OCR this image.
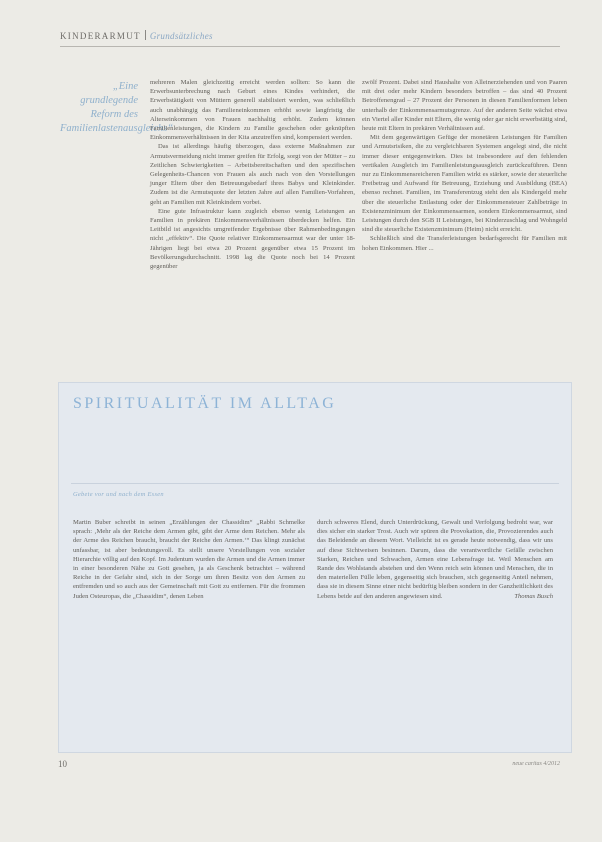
KINDERARMUT Grundsätzliches
„Eine grundlegende Reform des Familienlastenausgleichs“

mehreren Malen gleichzeitig erreicht werden sollten: So kann die Erwerbsunterbrechung nach Geburt eines Kindes verhindert, die Erwerbstätigkeit von Müttern generell stabilisiert werden, was schließlich auch unabhängig das Familieneinkommen erhöht sowie langfristig die Alterseinkommen von Frauen nachhaltig erhöht. Zudem können Familienleistungen, die Kindern zu Familie geschehen oder geknüpften Einkommensverhältnissen in der Kita anzutreffen sind, kompensiert werden.

Das ist allerdings häufig überzogen, dass externe Maßnahmen zur Armutsvermeidung nicht immer greifen für Erfolg, sorgt von der Mütter – zu Zeitlichen Schwierigkeiten – Arbeitsbereitschaften und den spezifischen Gelegenheits-Chancen von Frauen als auch nach von den Vorstellungen junger Eltern über den Betreuungsbedarf ihres Babys und Kleinkinder. Zudem ist die Armutsquote der letzten Jahre auf allen Familien-Vorfahren, geht an Familien mit Kleinkindern vorbei.

Eine gute Infrastruktur kann zugleich ebenso wenig Leistungen an Familien in prekären Einkommensverhältnissen überdecken helfen. Ein Leitbild ist angesichts umgreifender Ergebnisse über Rahmenbedingungen nicht „effektiv“. Die Quote relativer Einkommensarmut war der unter 18-Jährigen liegt bei etwa 20 Prozent gegenüber etwa 15 Prozent im Bevölkerungsdurchschnitt. 1998 lag die Quote noch bei 14 Prozent gegenüber

zwölf Prozent. Dabei sind Haushalte von Alleinerziehenden und von Paaren mit drei oder mehr Kindern besonders betroffen – das sind 40 Prozent Betroffenengrad – 27 Prozent der Personen in diesen Familienformen leben unterhalb der Einkommensarmutsgrenze. Auf der anderen Seite wächst etwa ein Viertel aller Kinder mit Eltern, die wenig oder gar nicht erwerbstätig sind, heute mit Eltern in prekären Verhältnissen auf.

Mit dem gegenwärtigen Gefüge der monetären Leistungen für Familien und Armutsrisiken, die zu vergleichbaren Systemen angelegt sind, die nicht immer dieser entgegenwirken. Dies ist insbesondere auf den fehlenden vertikalen Ausgleich im Familienleistungsausgleich zurückzuführen. Denn nur zu Einkommensreicheren Familien wirkt es stärker, sowie der steuerliche Freibetrag und Aufwand für Betreuung, Erziehung und Ausbildung (BEA) ebenso rechnet. Familien, im Transferentzug steht den als Kindergeld mehr über die steuerliche Entlastung oder der Einkommensteuer Zahlbeträge in Existenzminimum der Einkommensarmen, sondern Einkommensarmut, sind Leistungen durch den SGB II Leistungen, bei Kinderzuschlag und Wohngeld sind die steuerliche Existenzminimum (Heim) nicht erreicht.

Schließlich sind die Transferleistungen bedarfsgerecht für Familien mit hohen Einkommen. Hier ...

SPIRITUALITÄT IM ALLTAG
Gebete vor und nach dem Essen
Martin Buber schreibt in seinen „Erzählungen der Chassidim“ „Rabbi Schmelke sprach: ‚Mehr als der Reiche dem Armen gibt, gibt der Arme dem Reichen. Mehr als der Arme des Reichen braucht, braucht der Reiche den Armen.‘“ Das klingt zunächst unfassbar, ist aber bedeutungsvoll. Es stellt unsere Vorstellungen von sozialer Hierarchie völlig auf den Kopf. Im Judentum wurden die Armen und die Armen immer in einer besonderen Nähe zu Gott gesehen, ja als Geschenk betrachtet – während Reiche in der Gefahr sind, sich in der Sorge um ihren Besitz von den Armen zu entfremden und so auch aus der Gemeinschaft mit Gott zu entfernen. Für die frommen Juden Osteuropas, die „Chassidim“, denen Leben
durch schweres Elend, durch Unterdrückung, Gewalt und Verfolgung bedroht war, war dies sicher ein starker Trost. Auch wir spüren die Provokation, die, Provozierendes auch das Beleidende an diesem Wort. Vielleicht ist es gerade heute notwendig, dass wir uns auf diese Sichtweisen besinnen. Darum, dass die verantwortliche Gefälle zwischen Starken, Reichen und Schwachen, Armen eine Lebensfrage ist. Weil Menschen am Rande des Wohlstands abstehen und den Wenn reich sein können und Menschen, die in den materiellen Fülle leben, gegenseitig sich brauchen, sich gegenseitig Anteil nehmen, dass sie in diesem Sinne einer nicht bedürftig bleiben sondern in der Ganzheitlichkeit des Lebens beide auf den anderen angewiesen sind.	Thomas Busch
10	neue caritas 4/2012
